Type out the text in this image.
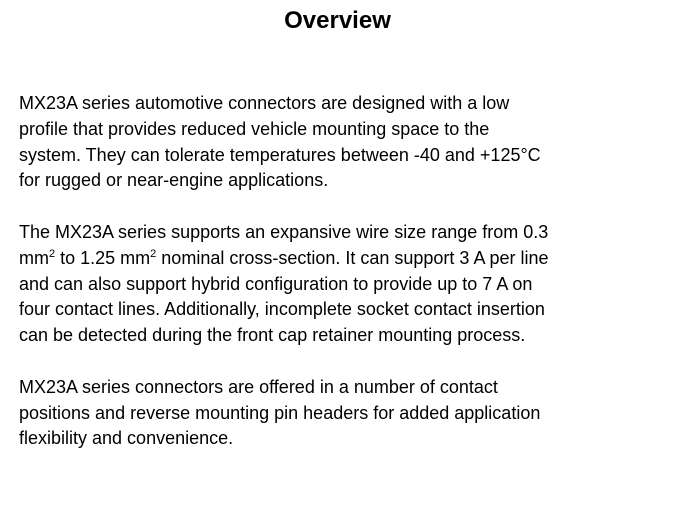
Overview
MX23A series automotive connectors are designed with a low
profile that provides reduced vehicle mounting space to the
system. They can tolerate temperatures between -40 and +125°C
for rugged or near-engine applications.
The MX23A series supports an expansive wire size range from 0.3
$mm^2$ to 1.25 $mm^2$ nominal cross-section. It can support 3 A per line
and can also support hybrid configuration to provide up to 7 A on
four contact lines. Additionally, incomplete socket contact insertion
can be detected during the front cap retainer mounting process.
MX23A series connectors are offered in a number of contact
positions and reverse mounting pin headers for added application
flexibility and convenience.
